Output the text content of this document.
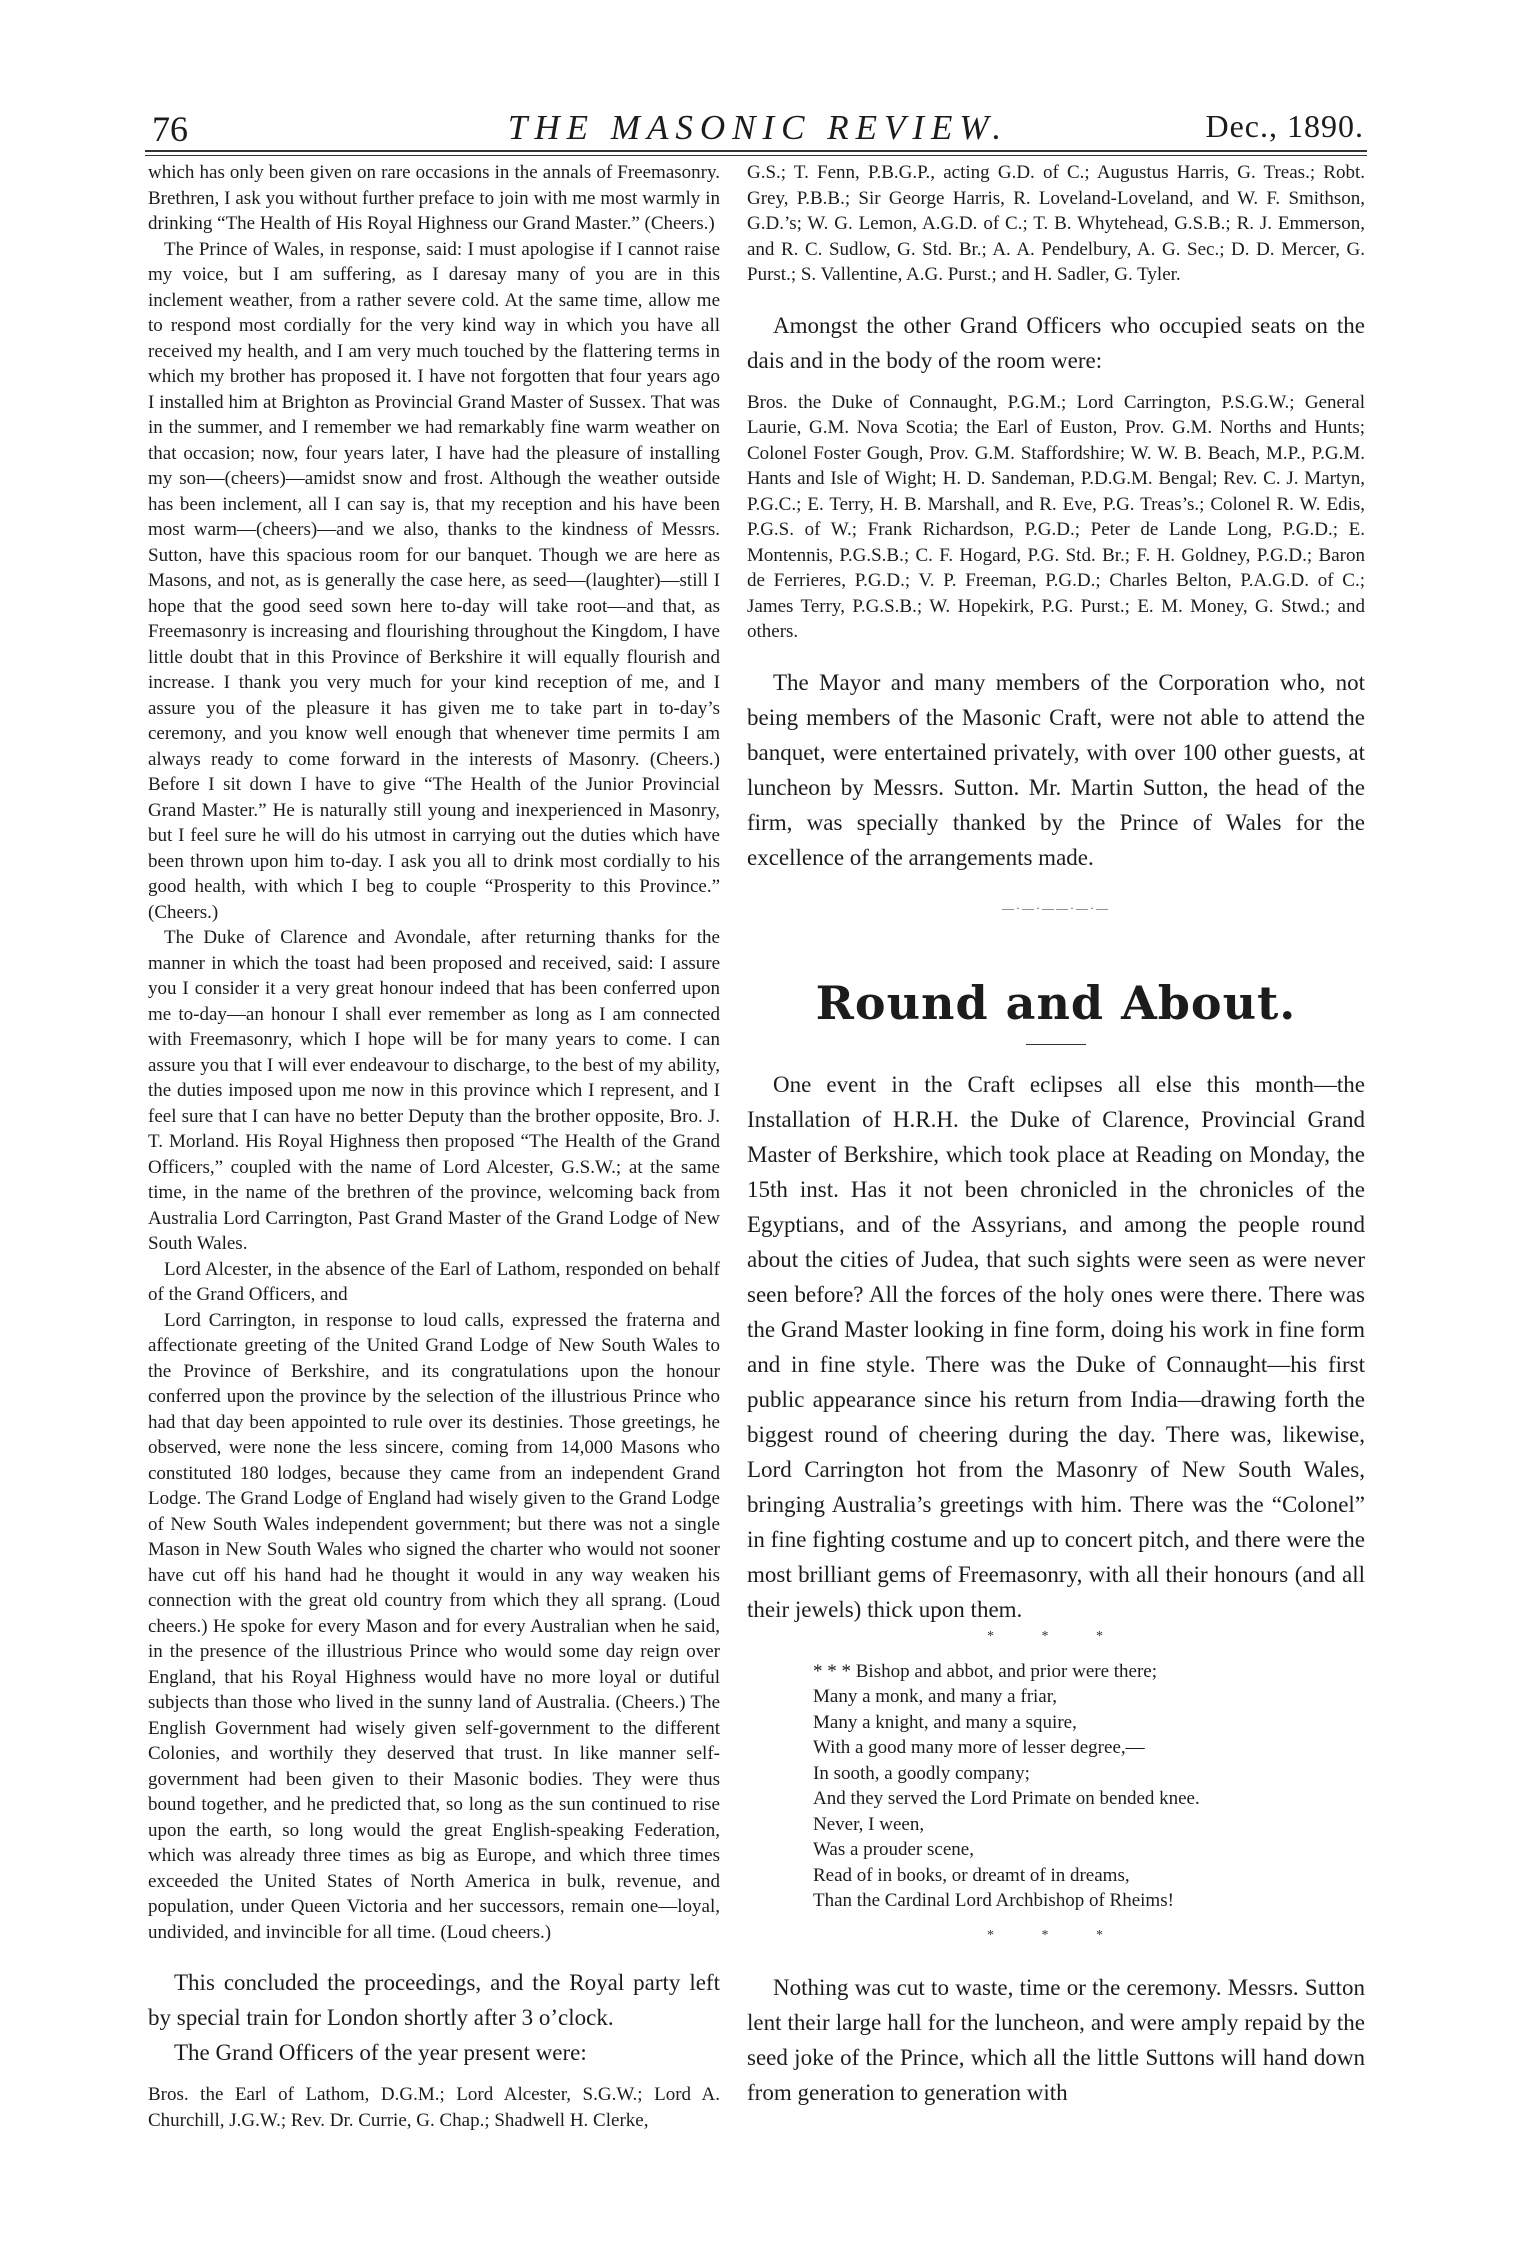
76	THE MASONIC REVIEW.	Dec., 1890.

which has only been given on rare occasions in the annals of Freemasonry. Brethren, I ask you without further preface to join with me most warmly in drinking “The Health of His Royal Highness our Grand Master.” (Cheers.)

The Prince of Wales, in response, said: I must apologise if I cannot raise my voice, but I am suffering, as I daresay many of you are in this inclement weather, from a rather severe cold. At the same time, allow me to respond most cordially for the very kind way in which you have all received my health, and I am very much touched by the flattering terms in which my brother has proposed it. I have not forgotten that four years ago I installed him at Brighton as Provincial Grand Master of Sussex. That was in the summer, and I remember we had remarkably fine warm weather on that occasion; now, four years later, I have had the pleasure of installing my son—(cheers)—amidst snow and frost. Although the weather outside has been inclement, all I can say is, that my reception and his have been most warm—(cheers)—and we also, thanks to the kindness of Messrs. Sutton, have this spacious room for our banquet. Though we are here as Masons, and not, as is generally the case here, as seed—(laughter)—still I hope that the good seed sown here to-day will take root—and that, as Freemasonry is increasing and flourishing throughout the Kingdom, I have little doubt that in this Province of Berkshire it will equally flourish and increase. I thank you very much for your kind reception of me, and I assure you of the pleasure it has given me to take part in to-day’s ceremony, and you know well enough that whenever time permits I am always ready to come forward in the interests of Masonry. (Cheers.) Before I sit down I have to give “The Health of the Junior Provincial Grand Master.” He is naturally still young and inexperienced in Masonry, but I feel sure he will do his utmost in carrying out the duties which have been thrown upon him to-day. I ask you all to drink most cordially to his good health, with which I beg to couple “Prosperity to this Province.” (Cheers.)

The Duke of Clarence and Avondale, after returning thanks for the manner in which the toast had been proposed and received, said: I assure you I consider it a very great honour indeed that has been conferred upon me to-day—an honour I shall ever remember as long as I am connected with Freemasonry, which I hope will be for many years to come. I can assure you that I will ever endeavour to discharge, to the best of my ability, the duties imposed upon me now in this province which I represent, and I feel sure that I can have no better Deputy than the brother opposite, Bro. J. T. Morland. His Royal Highness then proposed “The Health of the Grand Officers,” coupled with the name of Lord Alcester, G.S.W.; at the same time, in the name of the brethren of the province, welcoming back from Australia Lord Carrington, Past Grand Master of the Grand Lodge of New South Wales.

Lord Alcester, in the absence of the Earl of Lathom, responded on behalf of the Grand Officers, and

Lord Carrington, in response to loud calls, expressed the fraterna and affectionate greeting of the United Grand Lodge of New South Wales to the Province of Berkshire, and its congratulations upon the honour conferred upon the province by the selection of the illustrious Prince who had that day been appointed to rule over its destinies. Those greetings, he observed, were none the less sincere, coming from 14,000 Masons who constituted 180 lodges, because they came from an independent Grand Lodge. The Grand Lodge of England had wisely given to the Grand Lodge of New South Wales independent government; but there was not a single Mason in New South Wales who signed the charter who would not sooner have cut off his hand had he thought it would in any way weaken his connection with the great old country from which they all sprang. (Loud cheers.) He spoke for every Mason and for every Australian when he said, in the presence of the illustrious Prince who would some day reign over England, that his Royal Highness would have no more loyal or dutiful subjects than those who lived in the sunny land of Australia. (Cheers.) The English Government had wisely given self-government to the different Colonies, and worthily they deserved that trust. In like manner self-government had been given to their Masonic bodies. They were thus bound together, and he predicted that, so long as the sun continued to rise upon the earth, so long would the great English-speaking Federation, which was already three times as big as Europe, and which three times exceeded the United States of North America in bulk, revenue, and population, under Queen Victoria and her successors, remain one—loyal, undivided, and invincible for all time. (Loud cheers.)

This concluded the proceedings, and the Royal party left by special train for London shortly after 3 o’clock.

The Grand Officers of the year present were:

Bros. the Earl of Lathom, D.G.M.; Lord Alcester, S.G.W.; Lord A. Churchill, J.G.W.; Rev. Dr. Currie, G. Chap.; Shadwell H. Clerke,

G.S.; T. Fenn, P.B.G.P., acting G.D. of C.; Augustus Harris, G. Treas.; Robt. Grey, P.B.B.; Sir George Harris, R. Loveland-Loveland, and W. F. Smithson, G.D.’s; W. G. Lemon, A.G.D. of C.; T. B. Whytehead, G.S.B.; R. J. Emmerson, and R. C. Sudlow, G. Std. Br.; A. A. Pendelbury, A. G. Sec.; D. D. Mercer, G. Purst.; S. Vallentine, A.G. Purst.; and H. Sadler, G. Tyler.

Amongst the other Grand Officers who occupied seats on the dais and in the body of the room were:

Bros. the Duke of Connaught, P.G.M.; Lord Carrington, P.S.G.W.; General Laurie, G.M. Nova Scotia; the Earl of Euston, Prov. G.M. Norths and Hunts; Colonel Foster Gough, Prov. G.M. Staffordshire; W. W. B. Beach, M.P., P.G.M. Hants and Isle of Wight; H. D. Sandeman, P.D.G.M. Bengal; Rev. C. J. Martyn, P.G.C.; E. Terry, H. B. Marshall, and R. Eve, P.G. Treas’s.; Colonel R. W. Edis, P.G.S. of W.; Frank Richardson, P.G.D.; Peter de Lande Long, P.G.D.; E. Montennis, P.G.S.B.; C. F. Hogard, P.G. Std. Br.; F. H. Goldney, P.G.D.; Baron de Ferrieres, P.G.D.; V. P. Freeman, P.G.D.; Charles Belton, P.A.G.D. of C.; James Terry, P.G.S.B.; W. Hopekirk, P.G. Purst.; E. M. Money, G. Stwd.; and others.

The Mayor and many members of the Corporation who, not being members of the Masonic Craft, were not able to attend the banquet, were entertained privately, with over 100 other guests, at luncheon by Messrs. Sutton. Mr. Martin Sutton, the head of the firm, was specially thanked by the Prince of Wales for the excellence of the arrangements made.

—·—·——·—·—
Round and About.

One event in the Craft eclipses all else this month—the Installation of H.R.H. the Duke of Clarence, Provincial Grand Master of Berkshire, which took place at Reading on Monday, the 15th inst. Has it not been chronicled in the chronicles of the Egyptians, and of the Assyrians, and among the people round about the cities of Judea, that such sights were seen as were never seen before? All the forces of the holy ones were there. There was the Grand Master looking in fine form, doing his work in fine form and in fine style. There was the Duke of Connaught—his first public appearance since his return from India—drawing forth the biggest round of cheering during the day. There was, likewise, Lord Carrington hot from the Masonry of New South Wales, bringing Australia’s greetings with him. There was the “Colonel” in fine fighting costume and up to concert pitch, and there were the most brilliant gems of Freemasonry, with all their honours (and all their jewels) thick upon them.

* * *
* * * Bishop and abbot, and prior were there;
Many a monk, and many a friar,
Many a knight, and many a squire,
With a good many more of lesser degree,—
In sooth, a goodly company;
And they served the Lord Primate on bended knee.
Never, I ween,
Was a prouder scene,
Read of in books, or dreamt of in dreams,
Than the Cardinal Lord Archbishop of Rheims!
* * *

Nothing was cut to waste, time or the ceremony. Messrs. Sutton lent their large hall for the luncheon, and were amply repaid by the seed joke of the Prince, which all the little Suttons will hand down from generation to generation with
